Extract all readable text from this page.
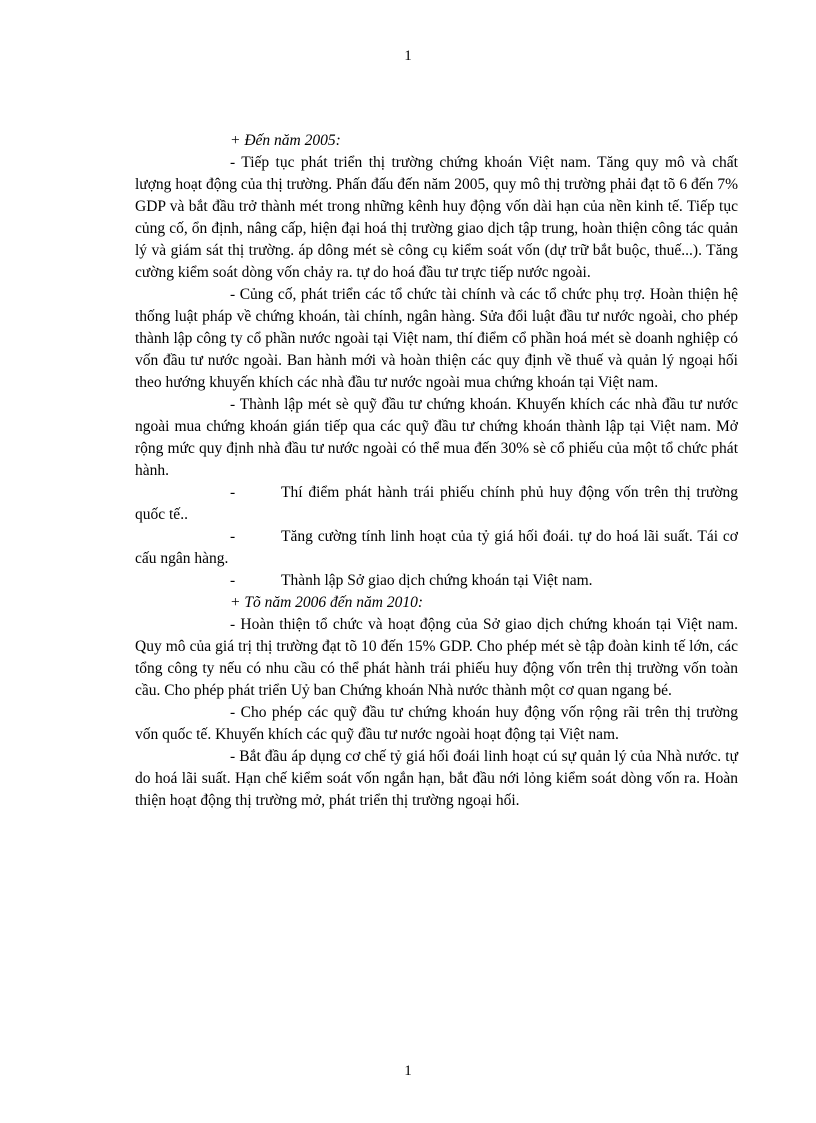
1

+ Đến năm 2005:

- Tiếp tục phát triển thị trường chứng khoán Việt nam. Tăng quy mô và chất lượng hoạt động của thị trường. Phấn đấu đến năm 2005, quy mô thị trường phải đạt tõ 6 đến 7% GDP và bắt đầu trở thành mét trong những kênh huy động vốn dài hạn của nền kinh tế. Tiếp tục củng cố, ổn định, nâng cấp, hiện đại hoá thị trường giao dịch tập trung, hoàn thiện công tác quản lý và giám sát thị trường. áp dông mét sè công cụ kiểm soát vốn (dự trữ bắt buộc, thuế...). Tăng cường kiểm soát dòng vốn chảy ra. tự do hoá đầu tư trực tiếp nước ngoài.

- Củng cố, phát triển các tổ chức tài chính và các tổ chức phụ trợ. Hoàn thiện hệ thống luật pháp về chứng khoán, tài chính, ngân hàng. Sửa đổi luật đầu tư nước ngoài, cho phép thành lập công ty cổ phần nước ngoài tại Việt nam, thí điểm cổ phần hoá mét sè doanh nghiệp có vốn đầu tư nước ngoài. Ban hành mới và hoàn thiện các quy định về thuế và quản lý ngoại hối theo hướng khuyến khích các nhà đầu tư nước ngoài mua chứng khoán tại Việt nam.

- Thành lập mét sè quỹ đầu tư chứng khoán. Khuyến khích các nhà đầu tư nước ngoài mua chứng khoán gián tiếp qua các quỹ đầu tư chứng khoán thành lập tại Việt nam. Mở rộng mức quy định nhà đầu tư nước ngoài có thể mua đến 30% sè cổ phiếu của một tổ chức phát hành.

-	Thí điểm phát hành trái phiếu chính phủ huy động vốn trên thị trường quốc tế..

-	Tăng cường tính linh hoạt của tỷ giá hối đoái. tự do hoá lãi suất. Tái cơ cấu ngân hàng.

-	Thành lập Sở giao dịch chứng khoán tại Việt nam.

+ Tõ năm 2006 đến năm 2010:

- Hoàn thiện tổ chức và hoạt động của Sở giao dịch chứng khoán tại Việt nam. Quy mô của giá trị thị trường đạt tõ 10 đến 15% GDP. Cho phép mét sè tập đoàn kinh tế lớn, các tổng công ty nếu có nhu cầu có thể phát hành trái phiếu huy động vốn trên thị trường vốn toàn cầu. Cho phép phát triển Uỷ ban Chứng khoán Nhà nước thành một cơ quan ngang bé.

- Cho phép các quỹ đầu tư chứng khoán huy động vốn rộng rãi trên thị trường vốn quốc tế. Khuyến khích các quỹ đầu tư nước ngoài hoạt động tại Việt nam.

- Bắt đầu áp dụng cơ chế tỷ giá hối đoái linh hoạt cú sự quản lý của Nhà nước. tự do hoá lãi suất. Hạn chế kiểm soát vốn ngắn hạn, bắt đầu nới lỏng kiểm soát dòng vốn ra. Hoàn thiện hoạt động thị trường mở, phát triển thị trường ngoại hối.

1
